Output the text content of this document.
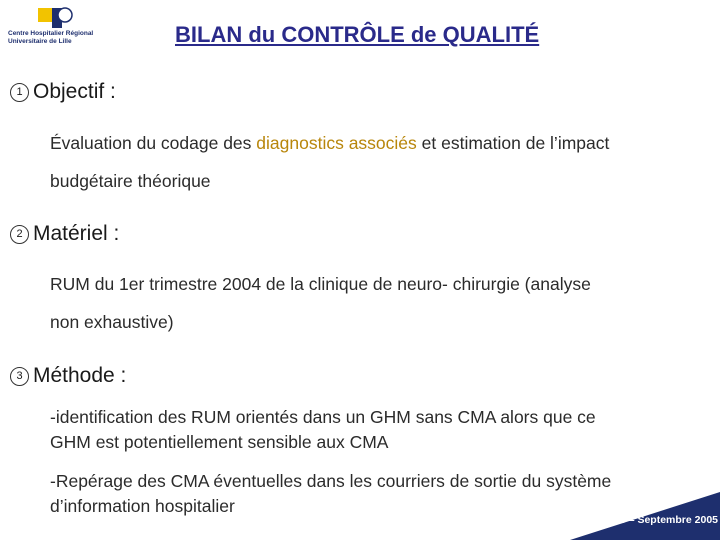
Centre Hospitalier Régional
Universitaire de Lille	BILAN du CONTRÔLE de QUALITÉ
1 Objectif :
Évaluation du codage des diagnostics associés et estimation de l’impact
budgétaire théorique
2 Matériel :
RUM du 1er trimestre 2004 de la clinique de neuro- chirurgie (analyse
non exhaustive)
3 Méthode :
-identification des RUM orientés dans un GHM sans CMA alors que ce
GHM est potentiellement sensible aux CMA
-Repérage des CMA éventuelles dans les courriers de sortie du système
d’information hospitalier
DES – Septembre 2005
